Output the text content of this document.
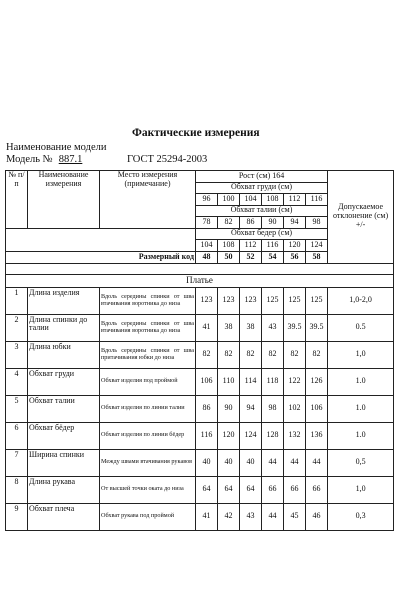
Фактические измерения
Наименование модели
Модель № 887.1	ГОСТ 25294-2003
№ п/п	Наименование измерения	Место измерения (примечание)	Рост (см) 164						Допускаемое отклонение (см) +/-
			Обхват груди (см)						
			96	100	104	108	112	116	
			Обхват талии (см)						
			78	82	86	90	94	98	
			Обхват бедер (см)						
			104	108	112	116	120	124	
Размерный код			48	50	52	54	56	58	

Платье									
1	Длина изделия	Вдоль середины спинки от шва втачивания воротника до низа	123	123	123	125	125	125	1,0-2,0
2	Длина спинки до талии	Вдоль середины спинки от шва втачивания воротника до низа	41	38	38	43	39.5	39.5	0.5
3	Длина юбки	Вдоль середины спинки от шва притачивания юбки до низа	82	82	82	82	82	82	1,0
4	Обхват груди	Обхват изделия под проймой	106	110	114	118	122	126	1.0
5	Обхват талии	Обхват изделия по линии талии	86	90	94	98	102	106	1.0
6	Обхват бёдер	Обхват изделия по линии бёдер	116	120	124	128	132	136	1.0
7	Ширина спинки	Между швами втачивания рукавов	40	40	40	44	44	44	0,5
8	Длина рукава	От высшей точки оката до низа	64	64	64	66	66	66	1,0
9	Обхват плеча	Обхват рукава под проймой	41	42	43	44	45	46	0,3
